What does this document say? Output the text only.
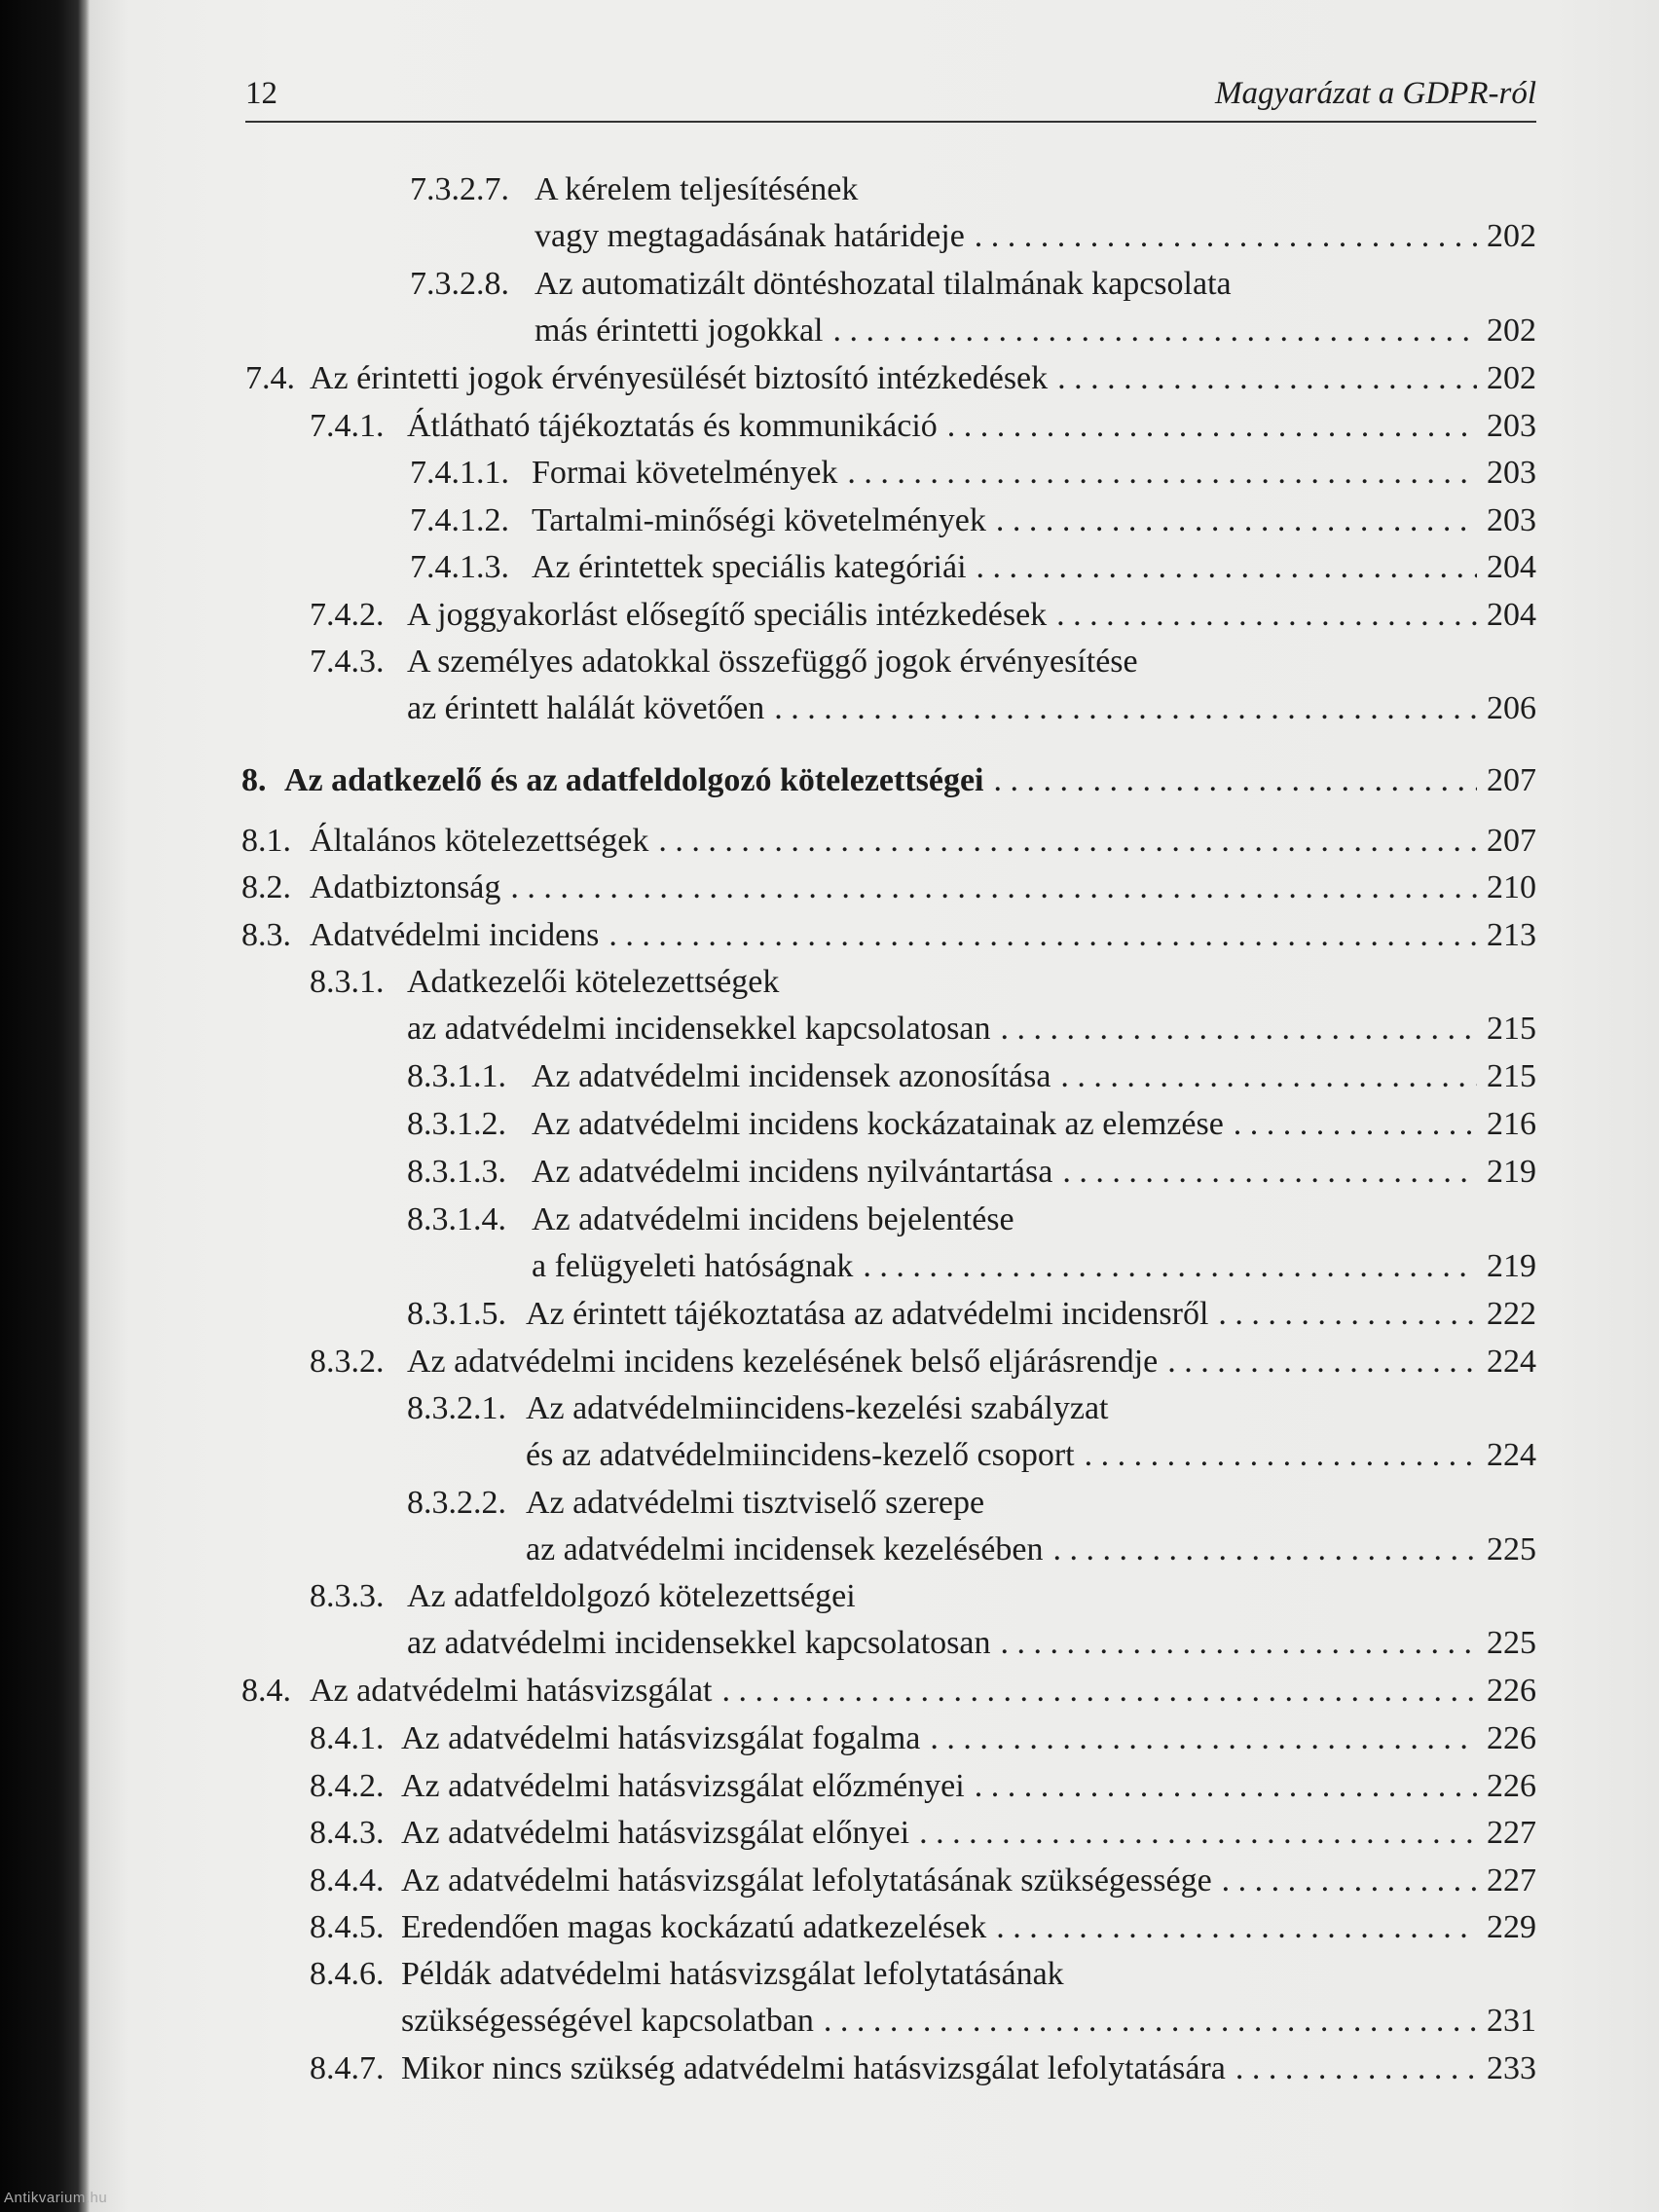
Antikvarium.hu
12	Magyarázat a GDPR-ról
7.3.2.7. A kérelem teljesítésének
vagy megtagadásának határideje . . .	202
7.3.2.8. Az automatizált döntéshozatal tilalmának kapcsolata
más érintetti jogokkal . . .	202
7.4. Az érintetti jogok érvényesülését biztosító intézkedések . . .	202
7.4.1. Átlátható tájékoztatás és kommunikáció . . .	203
7.4.1.1. Formai követelmények . . .	203
7.4.1.2. Tartalmi-minőségi követelmények . . .	203
7.4.1.3. Az érintettek speciális kategóriái . . .	204
7.4.2. A joggyakorlást elősegítő speciális intézkedések . . .	204
7.4.3. A személyes adatokkal összefüggő jogok érvényesítése
az érintett halálát követően . . .	206
8. Az adatkezelő és az adatfeldolgozó kötelezettségei . . .	207
8.1. Általános kötelezettségek . . .	207
8.2. Adatbiztonság . . .	210
8.3. Adatvédelmi incidens . . .	213
8.3.1. Adatkezelői kötelezettségek
az adatvédelmi incidensekkel kapcsolatosan . . .	215
8.3.1.1. Az adatvédelmi incidensek azonosítása . . .	215
8.3.1.2. Az adatvédelmi incidens kockázatainak az elemzése . . .	216
8.3.1.3. Az adatvédelmi incidens nyilvántartása . . .	219
8.3.1.4. Az adatvédelmi incidens bejelentése
a felügyeleti hatóságnak . . .	219
8.3.1.5. Az érintett tájékoztatása az adatvédelmi incidensről . . .	222
8.3.2. Az adatvédelmi incidens kezelésének belső eljárásrendje . . .	224
8.3.2.1. Az adatvédelmiincidens-kezelési szabályzat
és az adatvédelmiincidens-kezelő csoport . . .	224
8.3.2.2. Az adatvédelmi tisztviselő szerepe
az adatvédelmi incidensek kezelésében . . .	225
8.3.3. Az adatfeldolgozó kötelezettségei
az adatvédelmi incidensekkel kapcsolatosan . . .	225
8.4. Az adatvédelmi hatásvizsgálat . . .	226
8.4.1. Az adatvédelmi hatásvizsgálat fogalma . . .	226
8.4.2. Az adatvédelmi hatásvizsgálat előzményei . . .	226
8.4.3. Az adatvédelmi hatásvizsgálat előnyei . . .	227
8.4.4. Az adatvédelmi hatásvizsgálat lefolytatásának szükségessége . . .	227
8.4.5. Eredendően magas kockázatú adatkezelések . . .	229
8.4.6. Példák adatvédelmi hatásvizsgálat lefolytatásának
szükségességével kapcsolatban . . .	231
8.4.7. Mikor nincs szükség adatvédelmi hatásvizsgálat lefolytatására . . .	233
